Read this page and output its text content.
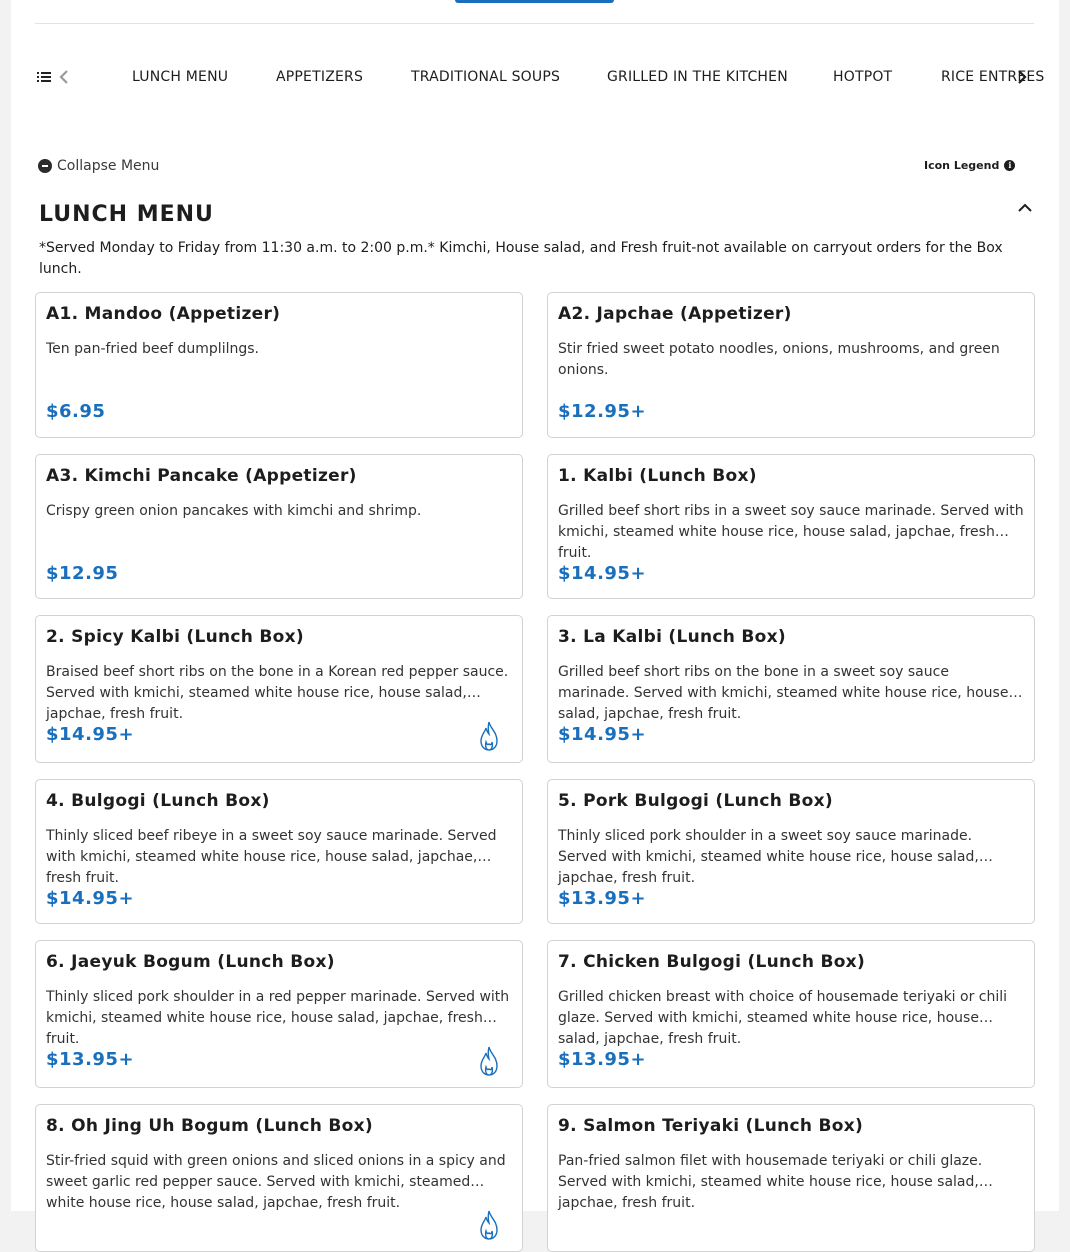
LUNCH MENU	APPETIZERS	TRADITIONAL SOUPS	GRILLED IN THE KITCHEN	HOTPOT	RICE ENTREES
Collapse Menu	Icon Legend	i
LUNCH MENU
*Served Monday to Friday from 11:30 a.m. to 2:00 p.m.* Kimchi, House salad, and Fresh fruit-not available on carryout orders for the Box lunch.
A1. Mandoo (Appetizer)
Ten pan-fried beef dumplilngs.
$6.95
A2. Japchae (Appetizer)
Stir fried sweet potato noodles, onions, mushrooms, and green onions.
$12.95+
A3. Kimchi Pancake (Appetizer)
Crispy green onion pancakes with kimchi and shrimp.
$12.95
1. Kalbi (Lunch Box)
Grilled beef short ribs in a sweet soy sauce marinade. Served with kmichi, steamed white house rice, house salad, japchae, fresh fruit.
$14.95+
2. Spicy Kalbi (Lunch Box)
Braised beef short ribs on the bone in a Korean red pepper sauce. Served with kmichi, steamed white house rice, house salad, japchae, fresh fruit.
$14.95+
3. La Kalbi (Lunch Box)
Grilled beef short ribs on the bone in a sweet soy sauce marinade. Served with kmichi, steamed white house rice, house salad, japchae, fresh fruit.
$14.95+
4. Bulgogi (Lunch Box)
Thinly sliced beef ribeye in a sweet soy sauce marinade. Served with kmichi, steamed white house rice, house salad, japchae, fresh fruit.
$14.95+
5. Pork Bulgogi (Lunch Box)
Thinly sliced pork shoulder in a sweet soy sauce marinade. Served with kmichi, steamed white house rice, house salad, japchae, fresh fruit.
$13.95+
6. Jaeyuk Bogum (Lunch Box)
Thinly sliced pork shoulder in a red pepper marinade. Served with kmichi, steamed white house rice, house salad, japchae, fresh fruit.
$13.95+
7. Chicken Bulgogi (Lunch Box)
Grilled chicken breast with choice of housemade teriyaki or chili glaze. Served with kmichi, steamed white house rice, house salad, japchae, fresh fruit.
$13.95+
8. Oh Jing Uh Bogum (Lunch Box)
Stir-fried squid with green onions and sliced onions in a spicy and sweet garlic red pepper sauce. Served with kmichi, steamed white house rice, house salad, japchae, fresh fruit.
9. Salmon Teriyaki (Lunch Box)
Pan-fried salmon filet with housemade teriyaki or chili glaze. Served with kmichi, steamed white house rice, house salad, japchae, fresh fruit.
